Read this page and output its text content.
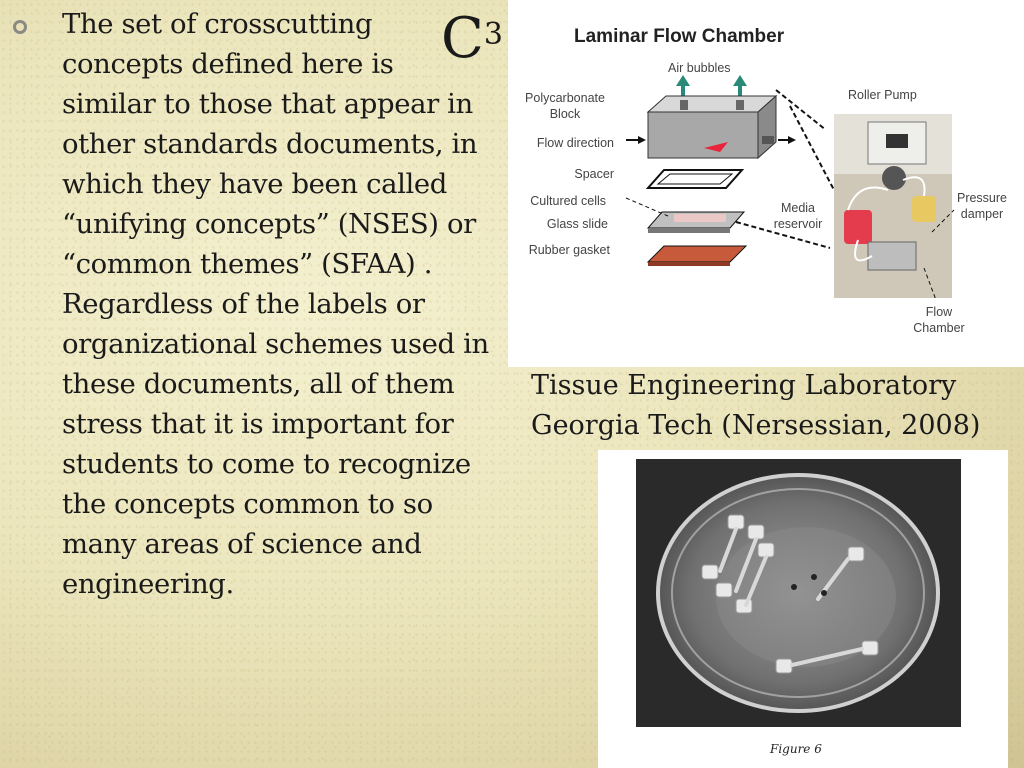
The set of crosscutting concepts defined here is similar to those that appear in other standards documents, in which they have been called “unifying concepts” (NSES) or “common themes” (SFAA) . Regardless of the labels or organizational schemes used in these documents, all of them stress that it is important for students to come to recognize the concepts common to so many areas of science and engineering.
$C^3$	Laminar Flow Chamber
Air bubbles
Polycarbonate
Block
Flow direction
Spacer
Cultured cells
Glass slide
Rubber gasket
Media
reservoir
Roller Pump
Pressure
damper
Flow
Chamber
Tissue Engineering Laboratory
Georgia Tech (Nersessian, 2008)
Figure 6
